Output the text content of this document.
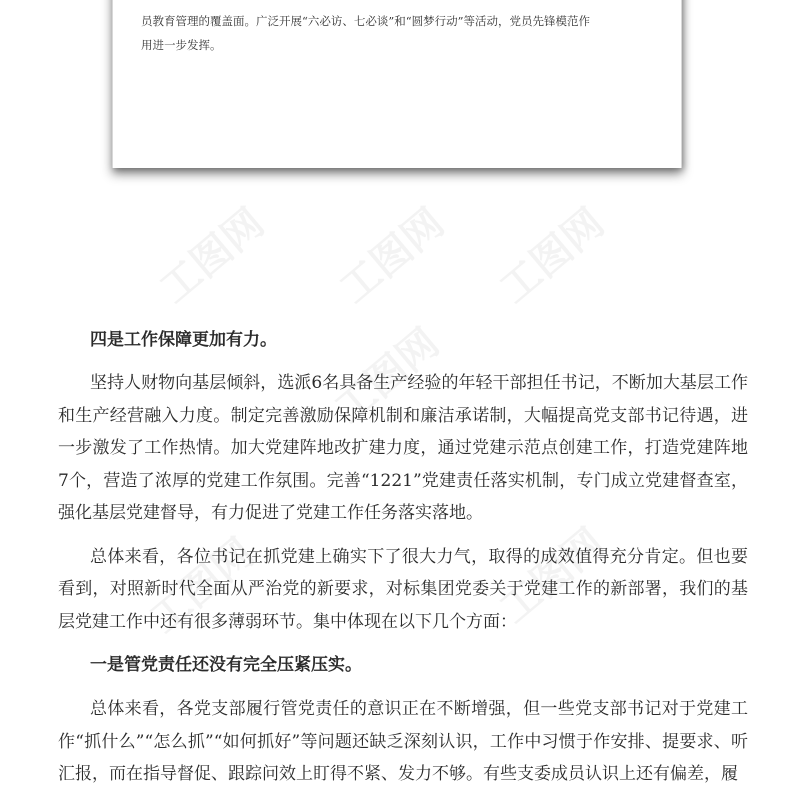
工图网 工图网 工图网
工图网
工图网	工图网

员教育管理的覆盖面。广泛开展“六必访、七必谈”和“圆梦行动”等活动，党员先锋模范作

用进一步发挥。

四是工作保障更加有力。

坚持人财物向基层倾斜，选派6名具备生产经验的年轻干部担任书记，不断加大基层工作和生产经营融入力度。制定完善激励保障机制和廉洁承诺制，大幅提高党支部书记待遇，进一步激发了工作热情。加大党建阵地改扩建力度，通过党建示范点创建工作，打造党建阵地7个，营造了浓厚的党建工作氛围。完善“1221”党建责任落实机制，专门成立党建督查室，强化基层党建督导，有力促进了党建工作任务落实落地。

总体来看，各位书记在抓党建上确实下了很大力气，取得的成效值得充分肯定。但也要看到，对照新时代全面从严治党的新要求，对标集团党委关于党建工作的新部署，我们的基层党建工作中还有很多薄弱环节。集中体现在以下几个方面：

一是管党责任还没有完全压紧压实。

总体来看，各党支部履行管党责任的意识正在不断增强，但一些党支部书记对于党建工作“抓什么”“怎么抓”“如何抓好”等问题还缺乏深刻认识，工作中习惯于作安排、提要求、听汇报，而在指导督促、跟踪问效上盯得不紧、发力不够。有些支委成员认识上还有偏差，履
